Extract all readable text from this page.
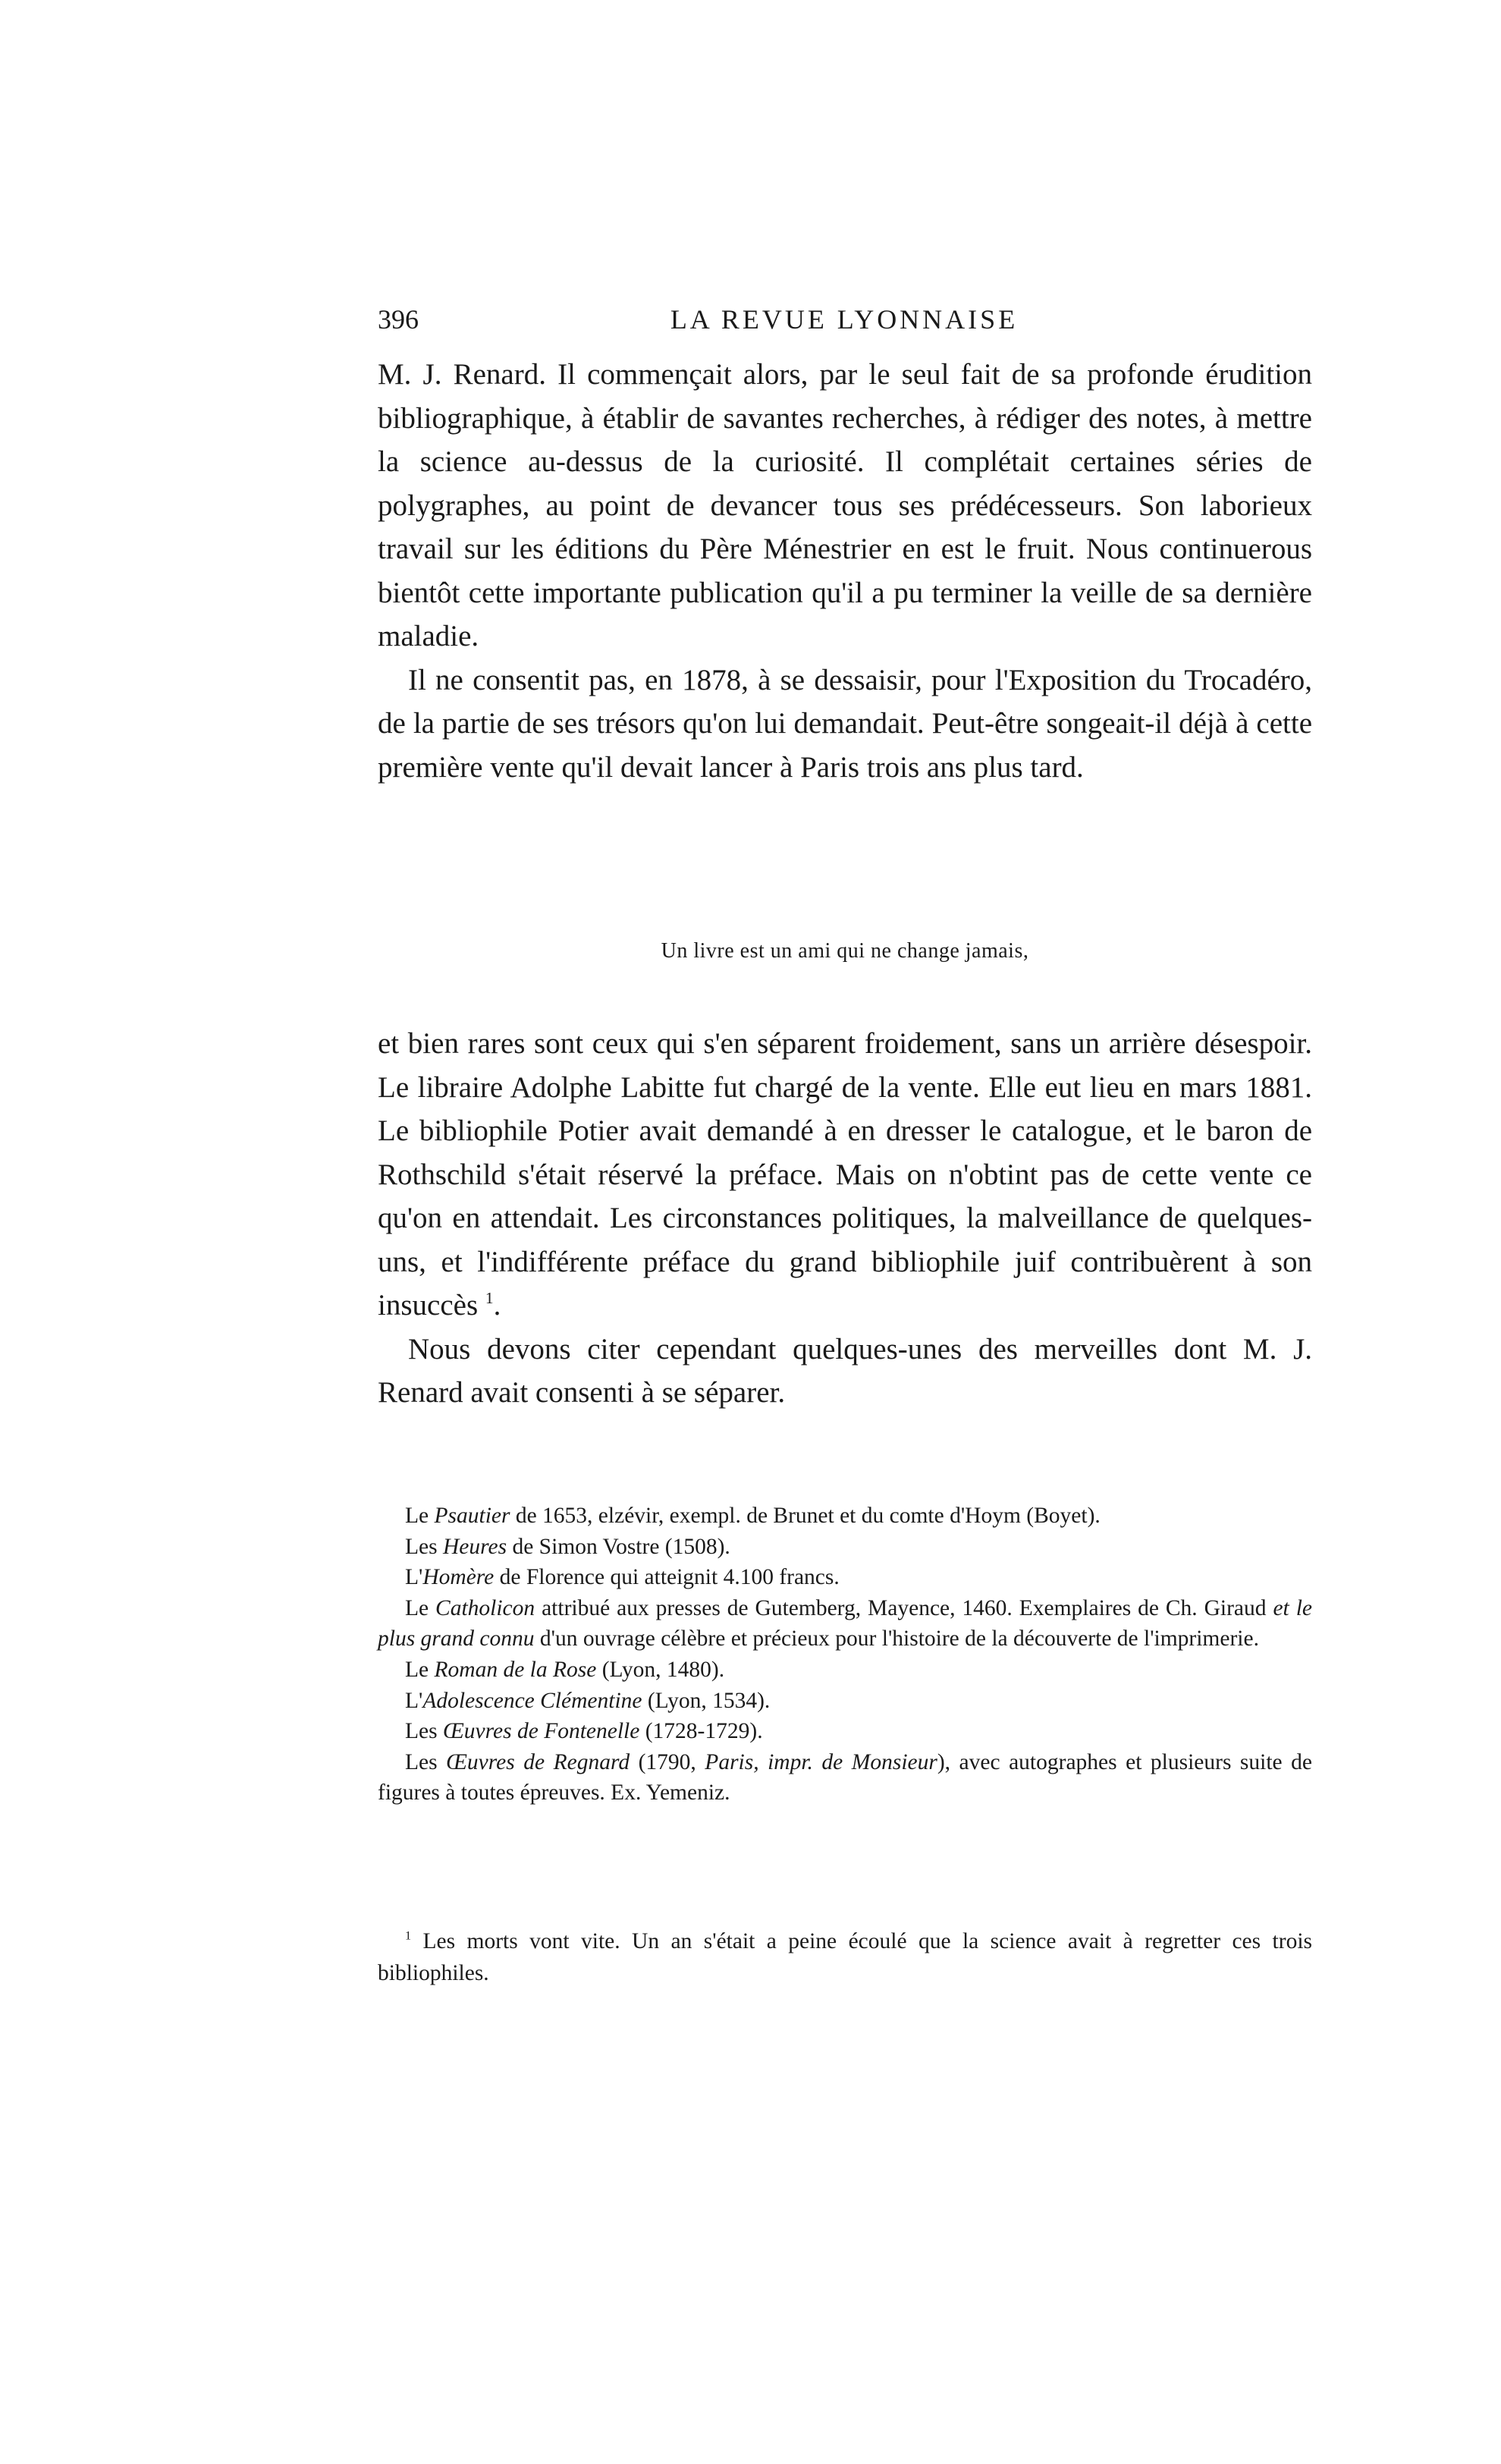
396	LA REVUE LYONNAISE

M. J. Renard. Il commençait alors, par le seul fait de sa profonde érudition bibliographique, à établir de savantes recherches, à rédiger des notes, à mettre la science au-dessus de la curiosité. Il complétait certaines séries de polygraphes, au point de devancer tous ses prédécesseurs. Son laborieux travail sur les éditions du Père Ménestrier en est le fruit. Nous continuerous bientôt cette importante publication qu'il a pu terminer la veille de sa dernière maladie.

Il ne consentit pas, en 1878, à se dessaisir, pour l'Exposition du Trocadéro, de la partie de ses trésors qu'on lui demandait. Peut-être songeait-il déjà à cette première vente qu'il devait lancer à Paris trois ans plus tard.

Un livre est un ami qui ne change jamais,

et bien rares sont ceux qui s'en séparent froidement, sans un arrière désespoir. Le libraire Adolphe Labitte fut chargé de la vente. Elle eut lieu en mars 1881. Le bibliophile Potier avait demandé à en dresser le catalogue, et le baron de Rothschild s'était réservé la préface. Mais on n'obtint pas de cette vente ce qu'on en attendait. Les circonstances politiques, la malveillance de quelques-uns, et l'indifférente préface du grand bibliophile juif contribuèrent à son insuccès $^1$.

Nous devons citer cependant quelques-unes des merveilles dont M. J. Renard avait consenti à se séparer.

Le Psautier de 1653, elzévir, exempl. de Brunet et du comte d'Hoym (Boyet).

Les Heures de Simon Vostre (1508).

L'Homère de Florence qui atteignit 4.100 francs.

Le Catholicon attribué aux presses de Gutemberg, Mayence, 1460. Exemplaires de Ch. Giraud et le plus grand connu d'un ouvrage célèbre et précieux pour l'histoire de la découverte de l'imprimerie.

Le Roman de la Rose (Lyon, 1480).

L'Adolescence Clémentine (Lyon, 1534).

Les Œuvres de Fontenelle (1728-1729).

Les Œuvres de Regnard (1790, Paris, impr. de Monsieur), avec autographes et plusieurs suite de figures à toutes épreuves. Ex. Yemeniz.

$^1$ Les morts vont vite. Un an s'était a peine écoulé que la science avait à regretter ces trois bibliophiles.
